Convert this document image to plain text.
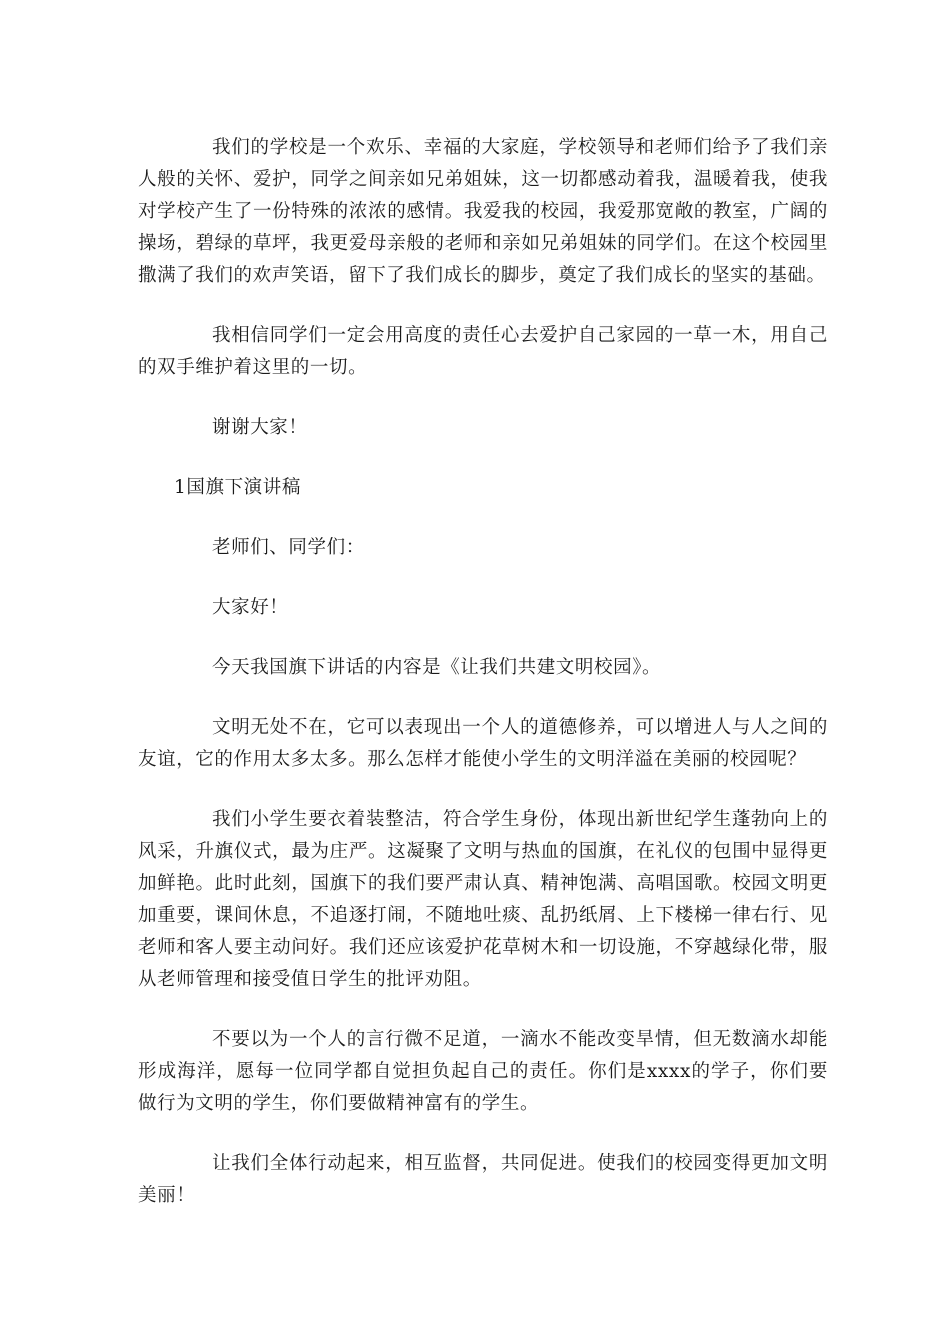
我们的学校是一个欢乐、幸福的大家庭，学校领导和老师们给予了我们亲人般的关怀、爱护，同学之间亲如兄弟姐妹，这一切都感动着我，温暖着我，使我对学校产生了一份特殊的浓浓的感情。我爱我的校园，我爱那宽敞的教室，广阔的操场，碧绿的草坪，我更爱母亲般的老师和亲如兄弟姐妹的同学们。在这个校园里撒满了我们的欢声笑语，留下了我们成长的脚步，奠定了我们成长的坚实的基础。

我相信同学们一定会用高度的责任心去爱护自己家园的一草一木，用自己的双手维护着这里的一切。

谢谢大家！

1国旗下演讲稿

老师们、同学们：

大家好！

今天我国旗下讲话的内容是《让我们共建文明校园》。

文明无处不在，它可以表现出一个人的道德修养，可以增进人与人之间的友谊，它的作用太多太多。那么怎样才能使小学生的文明洋溢在美丽的校园呢？

我们小学生要衣着装整洁，符合学生身份，体现出新世纪学生蓬勃向上的风采，升旗仪式，最为庄严。这凝聚了文明与热血的国旗，在礼仪的包围中显得更加鲜艳。此时此刻，国旗下的我们要严肃认真、精神饱满、高唱国歌。校园文明更加重要，课间休息，不追逐打闹，不随地吐痰、乱扔纸屑、上下楼梯一律右行、见老师和客人要主动问好。我们还应该爱护花草树木和一切设施，不穿越绿化带，服从老师管理和接受值日学生的批评劝阻。

不要以为一个人的言行微不足道，一滴水不能改变旱情，但无数滴水却能形成海洋，愿每一位同学都自觉担负起自己的责任。你们是xxxx的学子，你们要做行为文明的学生，你们要做精神富有的学生。

让我们全体行动起来，相互监督，共同促进。使我们的校园变得更加文明美丽！
